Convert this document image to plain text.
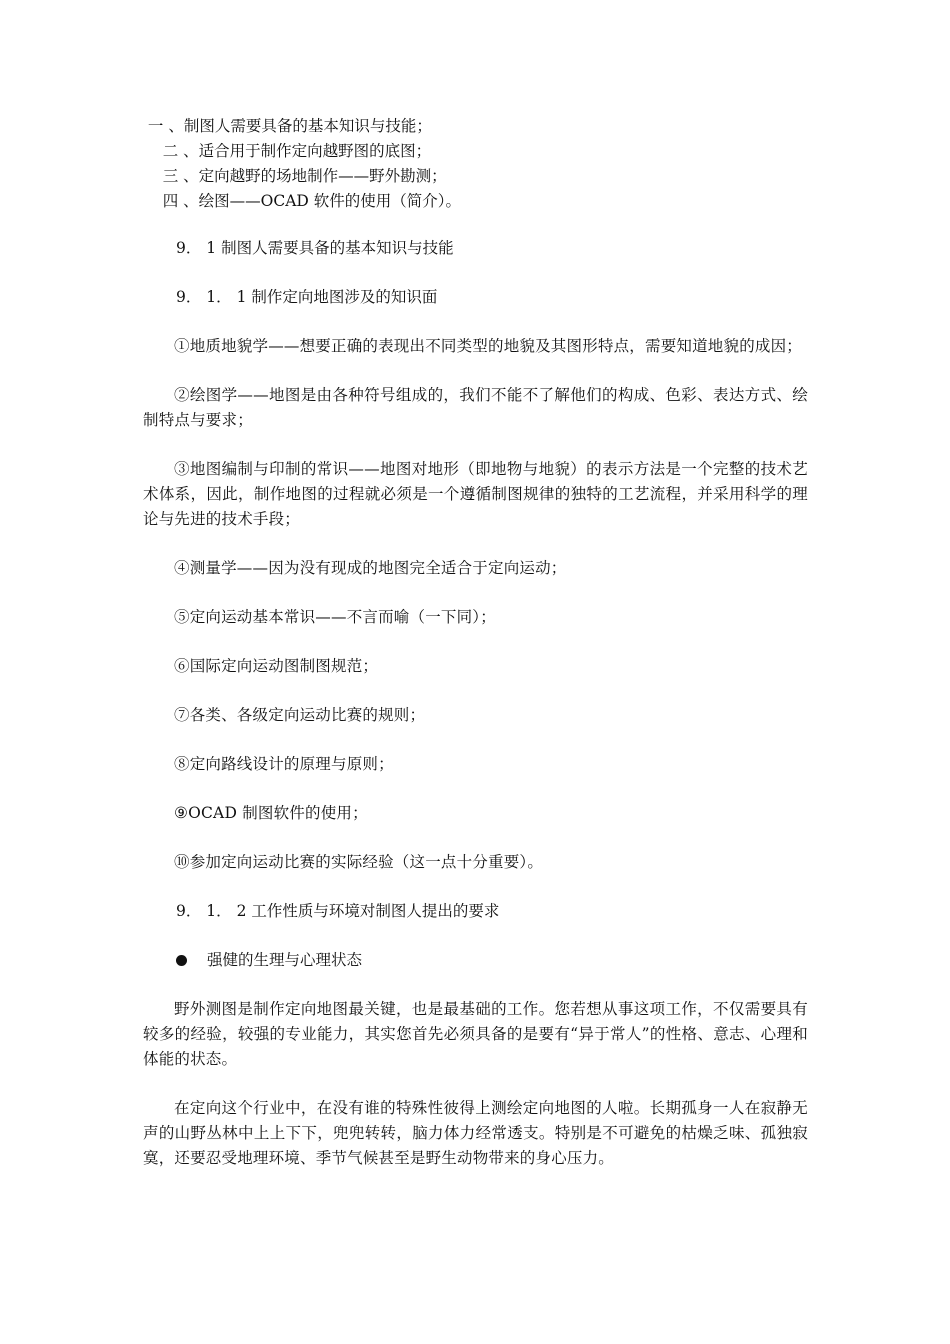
一 、制图人需要具备的基本知识与技能；
二 、适合用于制作定向越野图的底图；
三 、定向越野的场地制作——野外勘测；
四 、绘图——OCAD 软件的使用（简介）。
9． 1 制图人需要具备的基本知识与技能
9． 1． 1 制作定向地图涉及的知识面
①地质地貌学——想要正确的表现出不同类型的地貌及其图形特点，需要知道地貌的成因；
②绘图学——地图是由各种符号组成的，我们不能不了解他们的构成、色彩、表达方式、绘制特点与要求；
③地图编制与印制的常识——地图对地形（即地物与地貌）的表示方法是一个完整的技术艺术体系，因此，制作地图的过程就必须是一个遵循制图规律的独特的工艺流程，并采用科学的理论与先进的技术手段；
④测量学——因为没有现成的地图完全适合于定向运动；
⑤定向运动基本常识——不言而喻（一下同）；
⑥国际定向运动图制图规范；
⑦各类、各级定向运动比赛的规则；
⑧定向路线设计的原理与原则；
⑨OCAD 制图软件的使用；
⑩参加定向运动比赛的实际经验（这一点十分重要）。
9． 1． 2 工作性质与环境对制图人提出的要求
强健的生理与心理状态
野外测图是制作定向地图最关键，也是最基础的工作。您若想从事这项工作，不仅需要具有较多的经验，较强的专业能力，其实您首先必须具备的是要有“异于常人”的性格、意志、心理和体能的状态。
在定向这个行业中，在没有谁的特殊性彼得上测绘定向地图的人啦。长期孤身一人在寂静无声的山野丛林中上上下下，兜兜转转，脑力体力经常透支。特别是不可避免的枯燥乏味、孤独寂寞，还要忍受地理环境、季节气候甚至是野生动物带来的身心压力。
